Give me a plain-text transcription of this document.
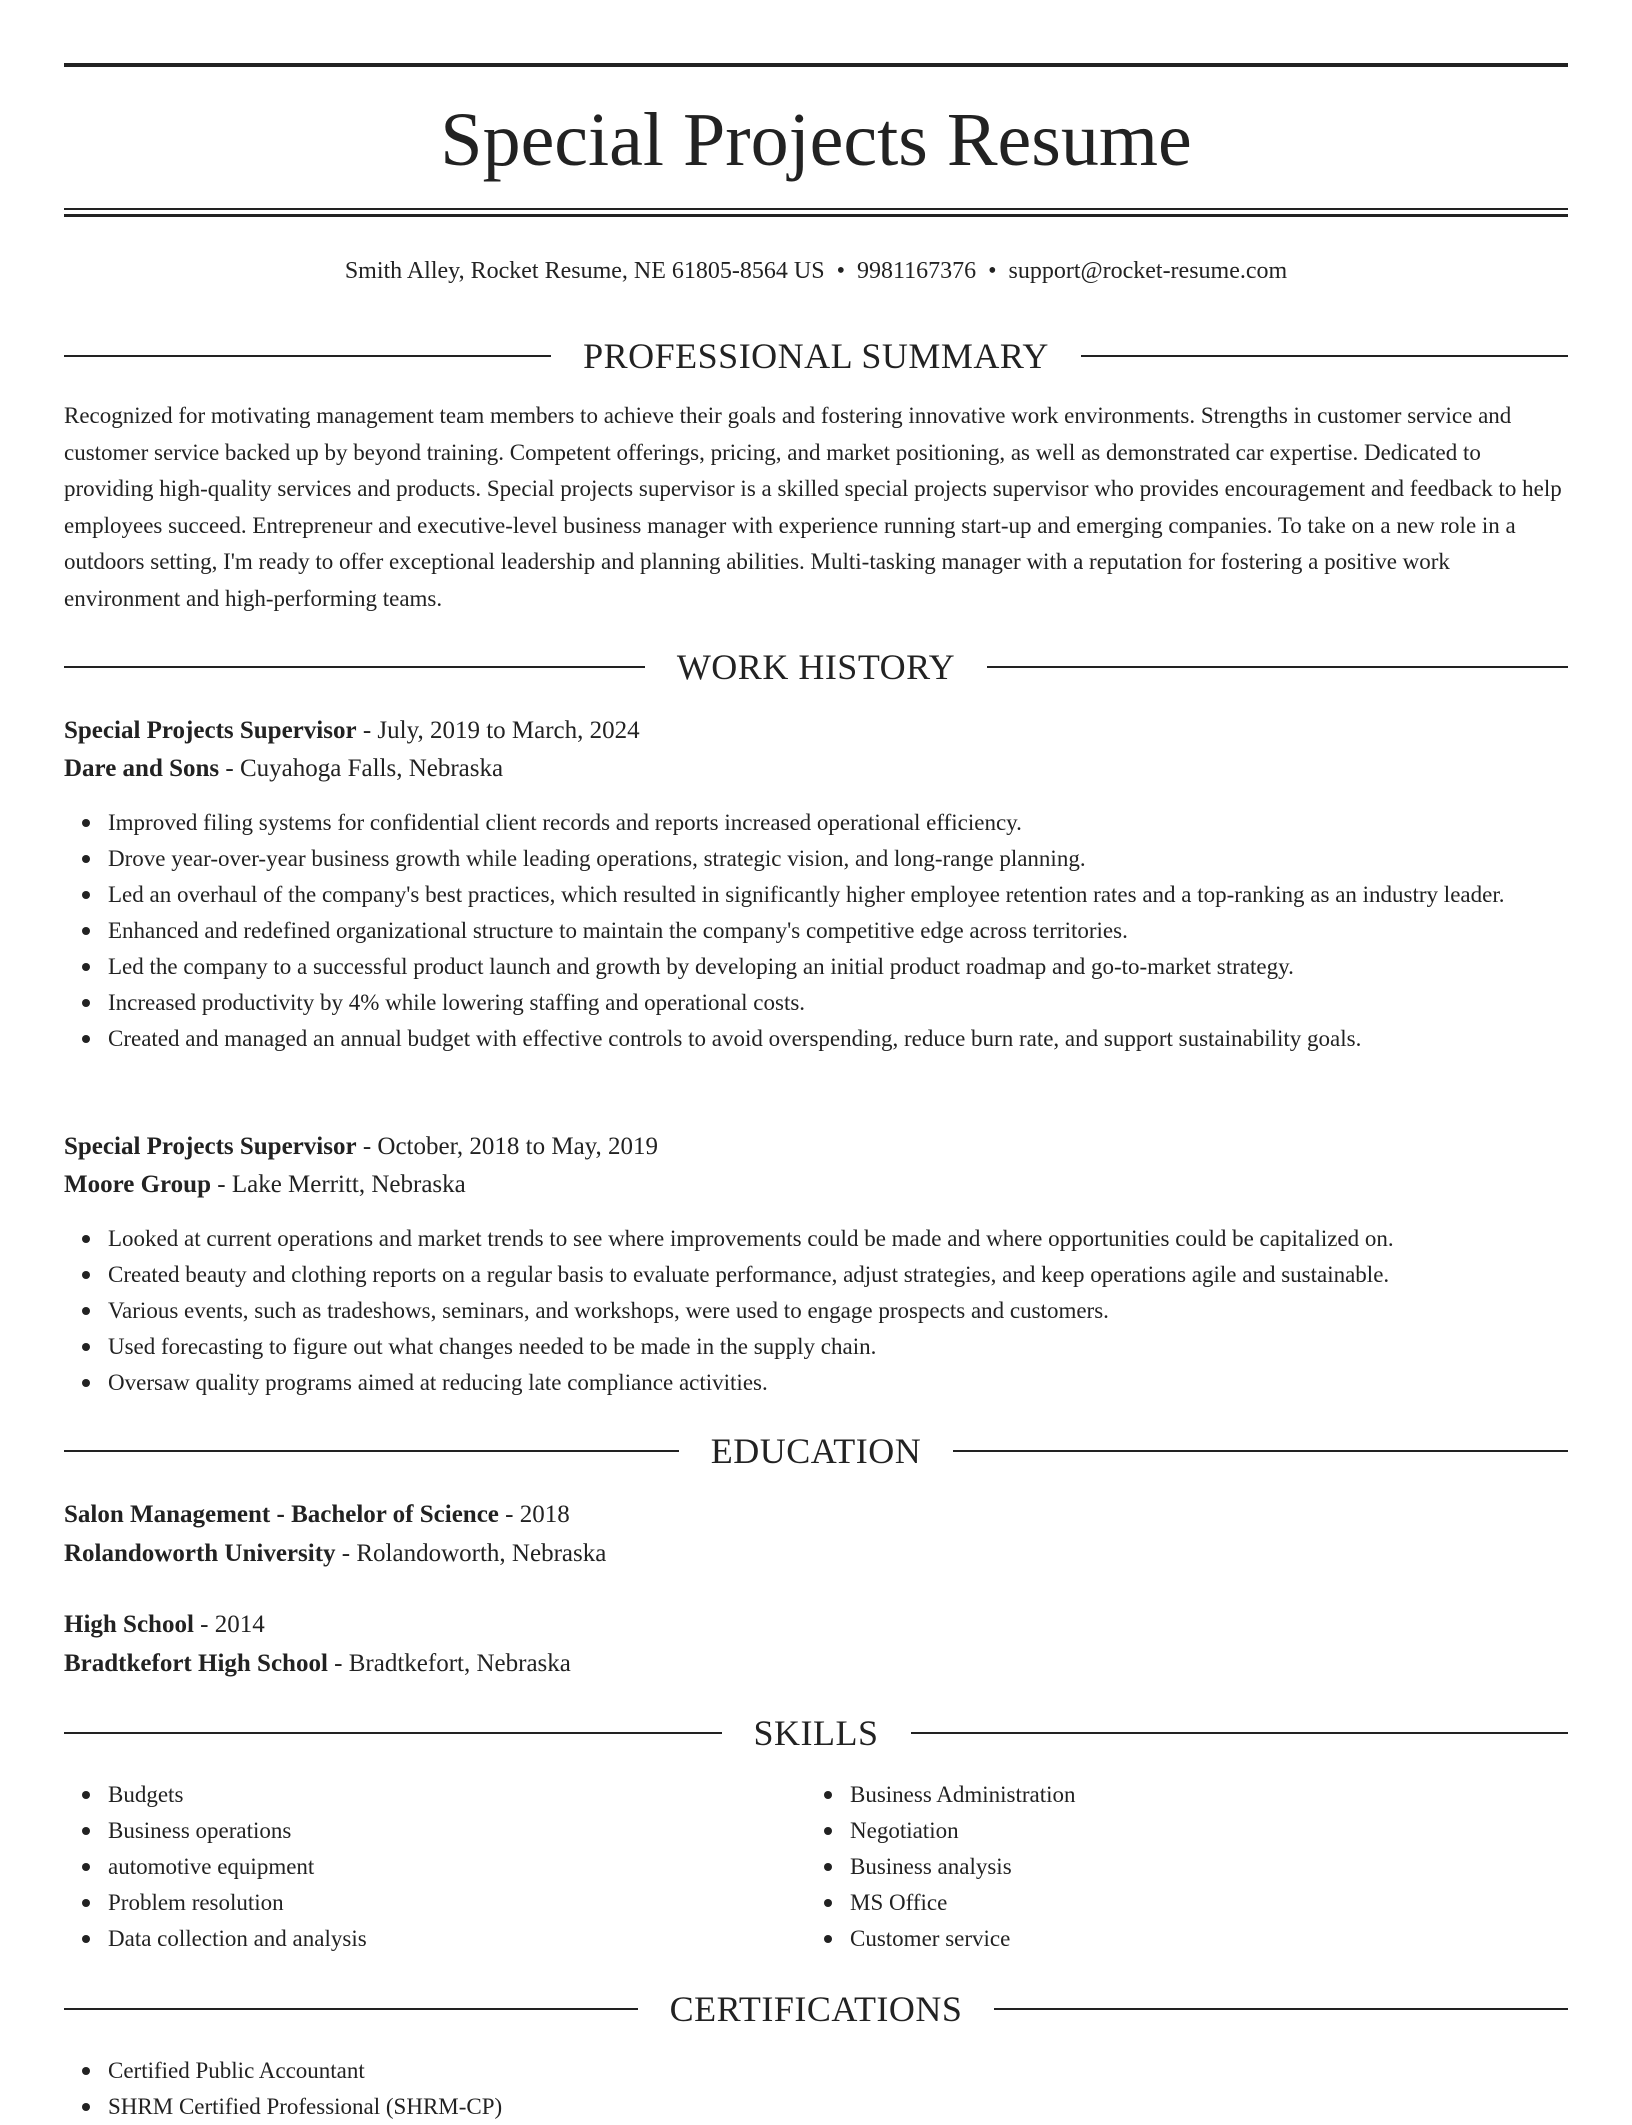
Special Projects Resume
Smith Alley, Rocket Resume, NE 61805-8564 US • 9981167376 • support@rocket-resume.com
PROFESSIONAL SUMMARY
Recognized for motivating management team members to achieve their goals and fostering innovative work environments. Strengths in customer service and customer service backed up by beyond training. Competent offerings, pricing, and market positioning, as well as demonstrated car expertise. Dedicated to providing high-quality services and products. Special projects supervisor is a skilled special projects supervisor who provides encouragement and feedback to help employees succeed. Entrepreneur and executive-level business manager with experience running start-up and emerging companies. To take on a new role in a outdoors setting, I'm ready to offer exceptional leadership and planning abilities. Multi-tasking manager with a reputation for fostering a positive work environment and high-performing teams.
WORK HISTORY
Special Projects Supervisor - July, 2019 to March, 2024
Dare and Sons - Cuyahoga Falls, Nebraska
Improved filing systems for confidential client records and reports increased operational efficiency.
Drove year-over-year business growth while leading operations, strategic vision, and long-range planning.
Led an overhaul of the company's best practices, which resulted in significantly higher employee retention rates and a top-ranking as an industry leader.
Enhanced and redefined organizational structure to maintain the company's competitive edge across territories.
Led the company to a successful product launch and growth by developing an initial product roadmap and go-to-market strategy.
Increased productivity by 4% while lowering staffing and operational costs.
Created and managed an annual budget with effective controls to avoid overspending, reduce burn rate, and support sustainability goals.
Special Projects Supervisor - October, 2018 to May, 2019
Moore Group - Lake Merritt, Nebraska
Looked at current operations and market trends to see where improvements could be made and where opportunities could be capitalized on.
Created beauty and clothing reports on a regular basis to evaluate performance, adjust strategies, and keep operations agile and sustainable.
Various events, such as tradeshows, seminars, and workshops, were used to engage prospects and customers.
Used forecasting to figure out what changes needed to be made in the supply chain.
Oversaw quality programs aimed at reducing late compliance activities.
EDUCATION
Salon Management - Bachelor of Science - 2018
Rolandoworth University - Rolandoworth, Nebraska
High School - 2014
Bradtkefort High School - Bradtkefort, Nebraska
SKILLS
Budgets
Business operations
automotive equipment
Problem resolution
Data collection and analysis
Business Administration
Negotiation
Business analysis
MS Office
Customer service
CERTIFICATIONS
Certified Public Accountant
SHRM Certified Professional (SHRM-CP)
